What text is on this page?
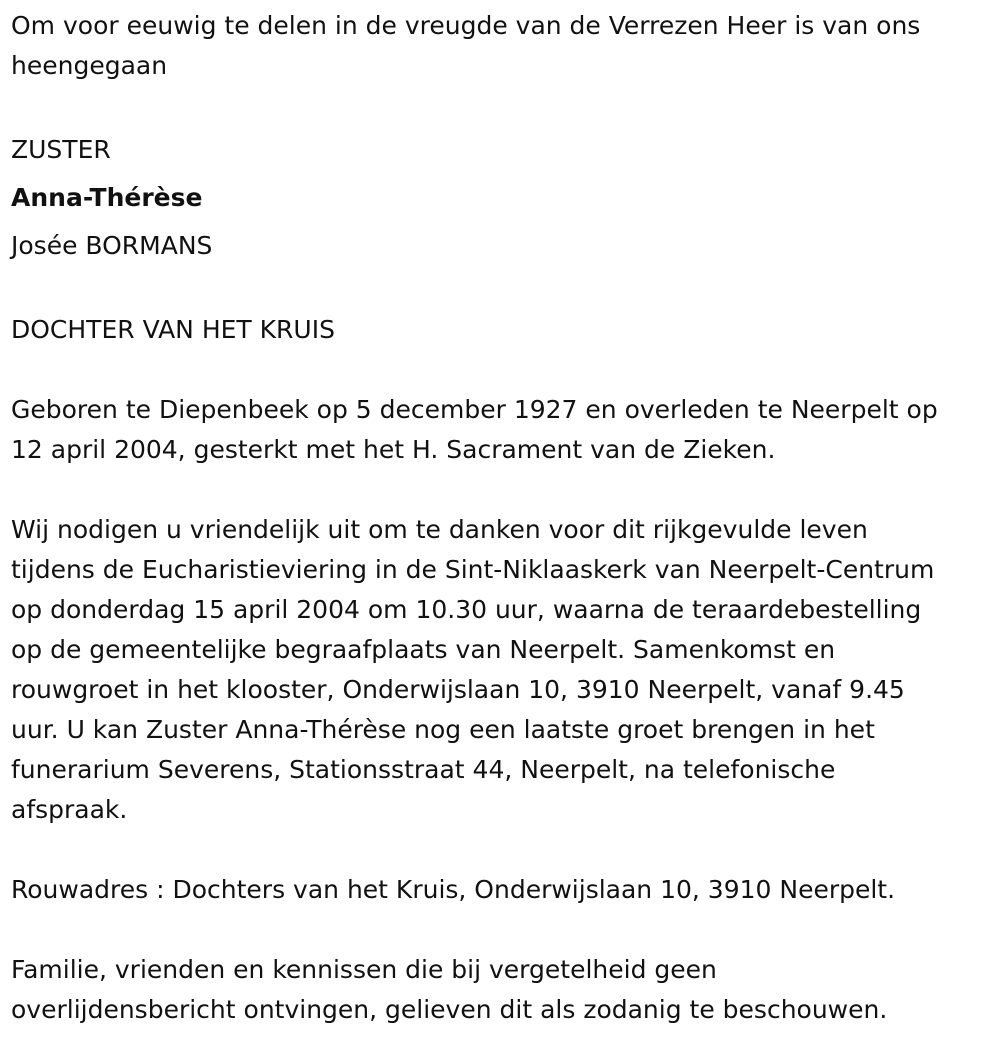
Om voor eeuwig te delen in de vreugde van de Verrezen Heer is van ons
heengegaan

ZUSTER

Anna-Thérèse

Josée BORMANS

DOCHTER VAN HET KRUIS

Geboren te Diepenbeek op 5 december 1927 en overleden te Neerpelt op
12 april 2004, gesterkt met het H. Sacrament van de Zieken.

Wij nodigen u vriendelijk uit om te danken voor dit rijkgevulde leven
tijdens de Eucharistieviering in de Sint-Niklaaskerk van Neerpelt-Centrum
op donderdag 15 april 2004 om 10.30 uur, waarna de teraardebestelling
op de gemeentelijke begraafplaats van Neerpelt. Samenkomst en
rouwgroet in het klooster, Onderwijslaan 10, 3910 Neerpelt, vanaf 9.45
uur. U kan Zuster Anna-Thérèse nog een laatste groet brengen in het
funerarium Severens, Stationsstraat 44, Neerpelt, na telefonische
afspraak.

Rouwadres : Dochters van het Kruis, Onderwijslaan 10, 3910 Neerpelt.

Familie, vrienden en kennissen die bij vergetelheid geen
overlijdensbericht ontvingen, gelieven dit als zodanig te beschouwen.
